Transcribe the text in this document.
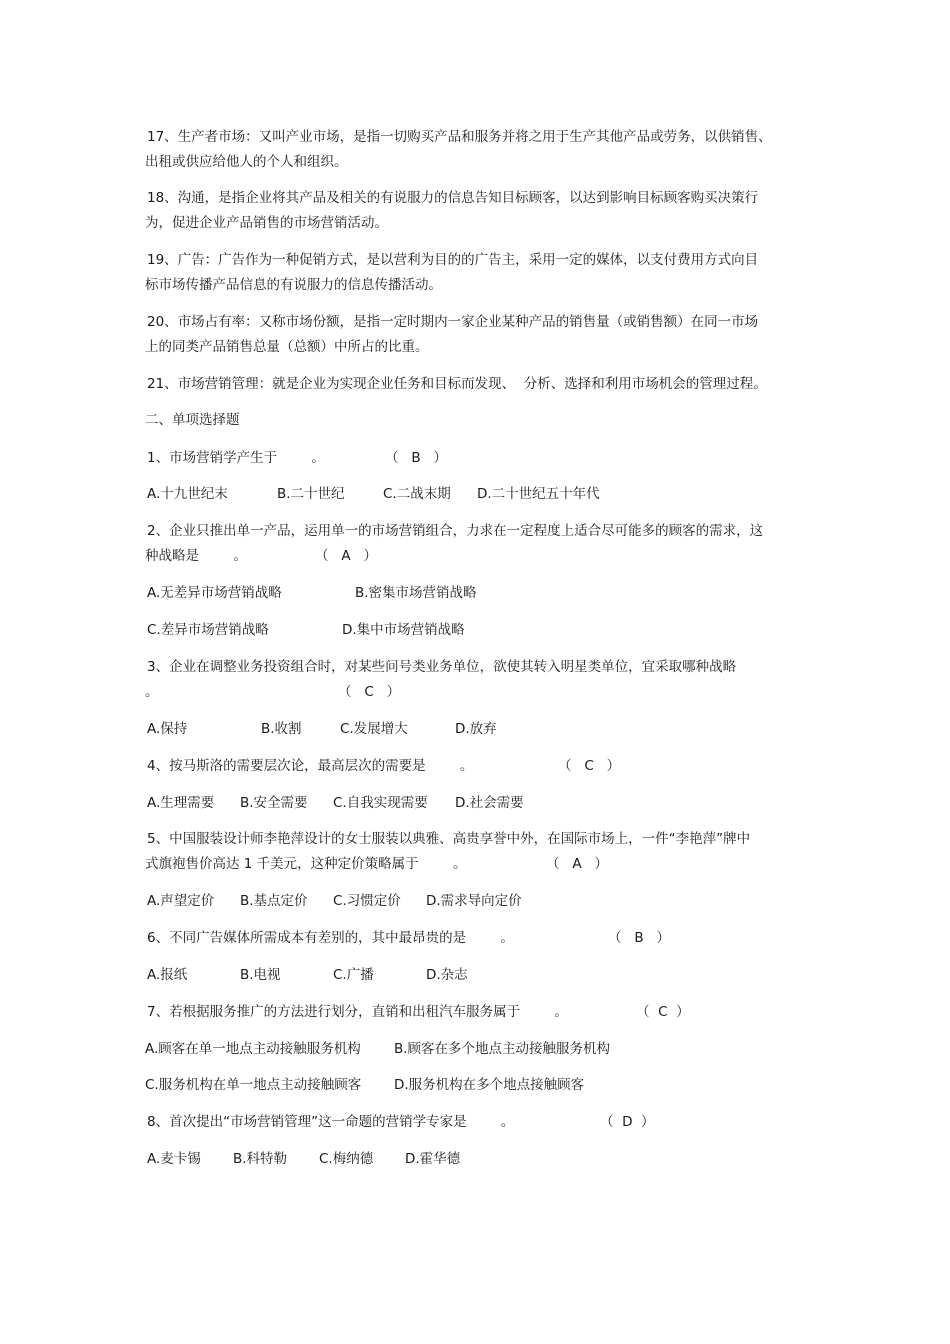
17、生产者市场：又叫产业市场，是指一切购买产品和服务并将之用于生产其他产品或劳务，以供销售、
出租或供应给他人的个人和组织。
18、沟通，是指企业将其产品及相关的有说服力的信息告知目标顾客，以达到影响目标顾客购买决策行
为，促进企业产品销售的市场营销活动。
19、广告：广告作为一种促销方式，是以营利为目的的广告主，采用一定的媒体，以支付费用方式向目
标市场传播产品信息的有说服力的信息传播活动。
20、市场占有率：又称市场份额，是指一定时期内一家企业某种产品的销售量（或销售额）在同一市场
上的同类产品销售总量（总额）中所占的比重。
21、市场营销管理：就是企业为实现企业任务和目标而发现、  分析、选择和利用市场机会的管理过程。
二、单项选择题
1、市场营销学产生于        。	（   B   ）
A.十九世纪末	B.二十世纪	C.二战末期 D.二十世纪五十年代
2、企业只推出单一产品，运用单一的市场营销组合，力求在一定程度上适合尽可能多的顾客的需求，这
种战略是        。	（   A   ）
A.无差异市场营销战略	B.密集市场营销战略
C.差异市场营销战略	D.集中市场营销战略
3、企业在调整业务投资组合时，对某些问号类业务单位，欲使其转入明星类单位，宜采取哪种战略
。	（   C   ）
A.保持	B.收割	C.发展增大	D.放弃
4、按马斯洛的需要层次论，最高层次的需要是        。	（   C   ）
A.生理需要 B.安全需要 C.自我实现需要 D.社会需要
5、中国服装设计师李艳萍设计的女士服装以典雅、高贵享誉中外，在国际市场上，一件“李艳萍”牌中
式旗袍售价高达 1 千美元，这种定价策略属于        。	（   A   ）
A.声望定价 B.基点定价 C.习惯定价 D.需求导向定价
6、不同广告媒体所需成本有差别的，其中最昂贵的是        。	（   B   ）
A.报纸	B.电视	C.广播	D.杂志
7、若根据服务推广的方法进行划分，直销和出租汽车服务属于        。	（  C  ）
A.顾客在单一地点主动接触服务机构 B.顾客在多个地点主动接触服务机构
C.服务机构在单一地点主动接触顾客 D.服务机构在多个地点接触顾客
8、首次提出“市场营销管理”这一命题的营销学专家是        。	（  D  ）
A.麦卡锡 B.科特勒 C.梅纳德 D.霍华德
